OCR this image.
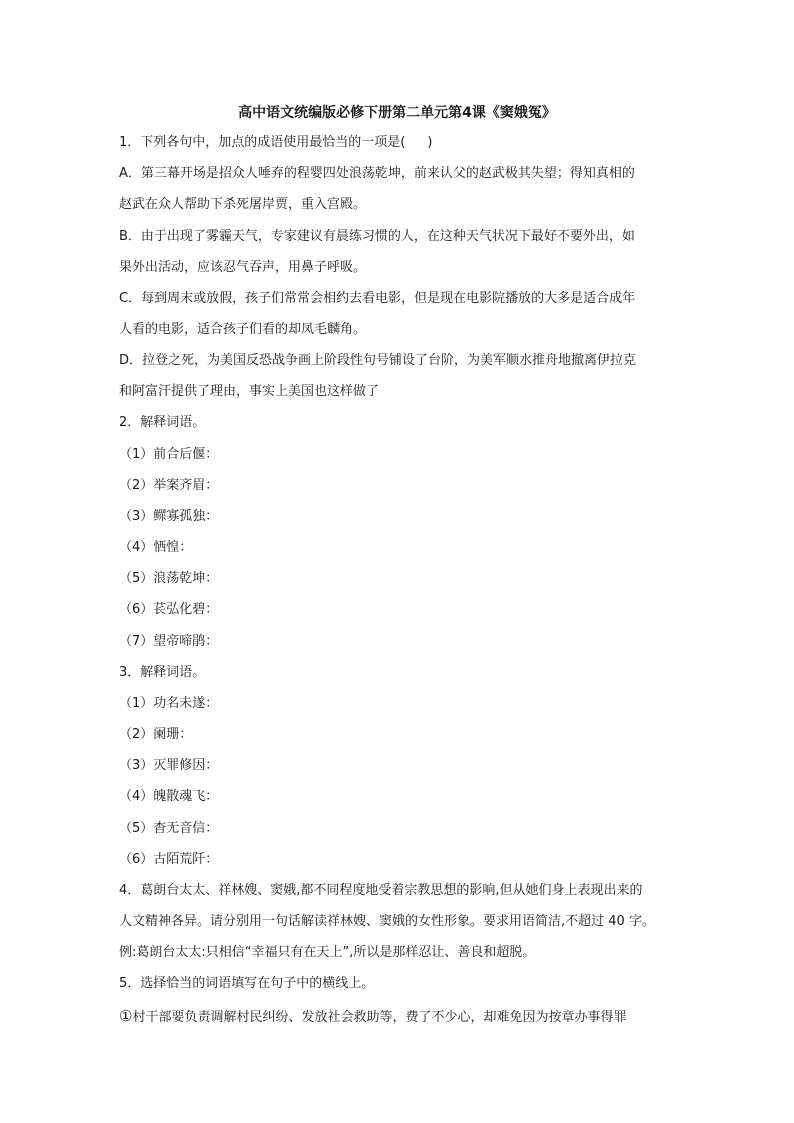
高中语文统编版必修下册第二单元第4课《窦娥冤》
1．下列各句中，加点的成语使用最恰当的一项是( )
A．第三幕开场是招众人唾弃的程婴四处浪荡乾坤，前来认父的赵武极其失望；得知真相的
赵武在众人帮助下杀死屠岸贾，重入宫殿。
B．由于出现了雾霾天气，专家建议有晨练习惯的人，在这种天气状况下最好不要外出，如
果外出活动，应该忍气吞声，用鼻子呼吸。
C．每到周末或放假，孩子们常常会相约去看电影，但是现在电影院播放的大多是适合成年
人看的电影，适合孩子们看的却凤毛麟角。
D．拉登之死，为美国反恐战争画上阶段性句号铺设了台阶，为美军顺水推舟地撤离伊拉克
和阿富汗提供了理由，事实上美国也这样做了
2．解释词语。
（1）前合后偃：
（2）举案齐眉：
（3）鳏寡孤独：
（4）恓惶：
（5）浪荡乾坤：
（6）苌弘化碧：
（7）望帝啼鹃：
3．解释词语。
（1）功名未遂：
（2）阑珊：
（3）灭罪修因：
（4）魄散魂飞：
（5）杳无音信：
（6）古陌荒阡：
4．葛朗台太太、祥林嫂、窦娥,都不同程度地受着宗教思想的影响,但从她们身上表现出来的
人文精神各异。请分别用一句话解读祥林嫂、窦娥的女性形象。要求用语简洁,不超过 40 字。
例:葛朗台太太:只相信“幸福只有在天上”,所以是那样忍让、善良和超脱。
5．选择恰当的词语填写在句子中的横线上。
①村干部要负责调解村民纠纷、发放社会救助等，费了不少心，却难免因为按章办事得罪
